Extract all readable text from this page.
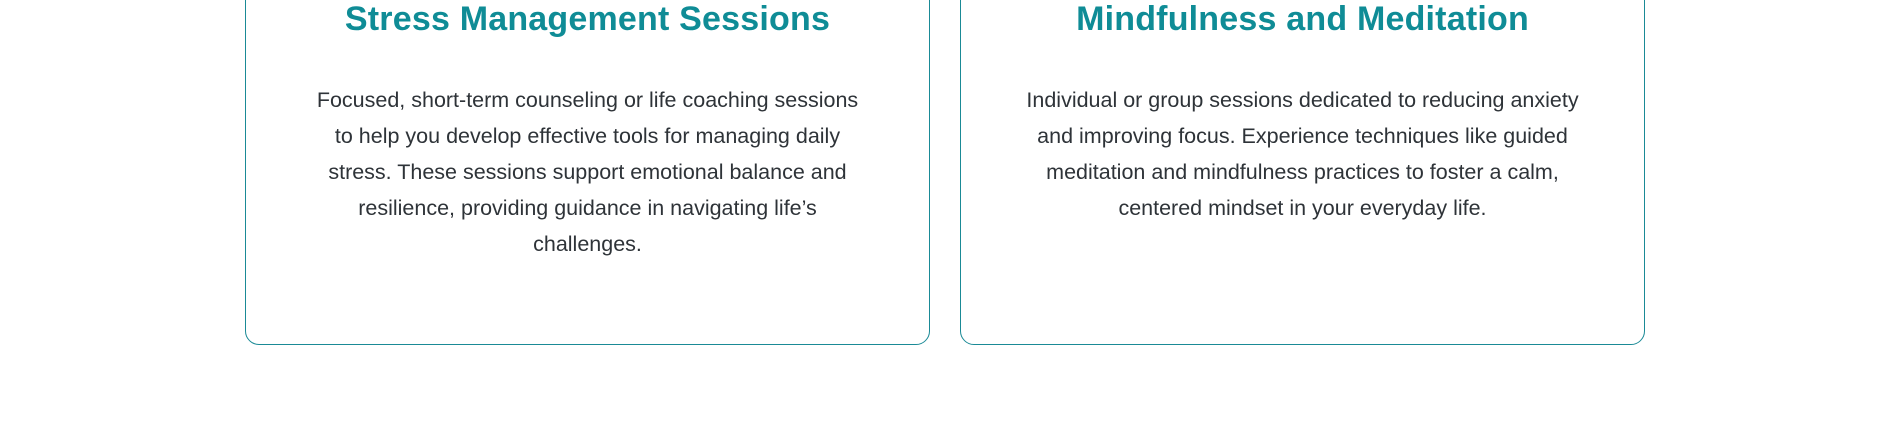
Stress Management Sessions

Focused, short-term counseling or life coaching sessions to help you develop effective tools for managing daily stress. These sessions support emotional balance and resilience, providing guidance in navigating life’s challenges.

Mindfulness and Meditation

Individual or group sessions dedicated to reducing anxiety and improving focus. Experience techniques like guided meditation and mindfulness practices to foster a calm, centered mindset in your everyday life.
